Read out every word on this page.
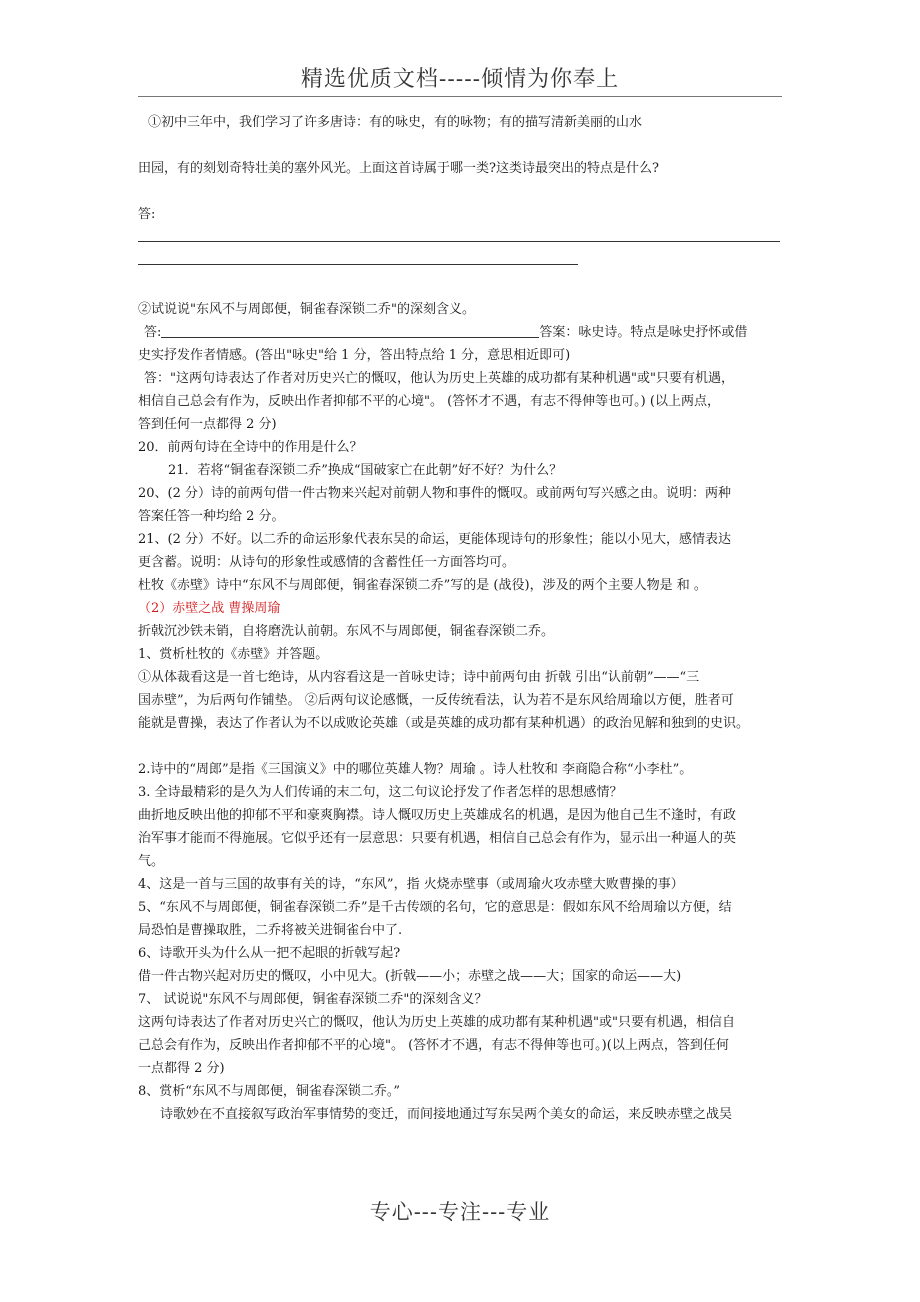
精选优质文档-----倾情为你奉上
①初中三年中，我们学习了许多唐诗：有的咏史，有的咏物；有的描写清新美丽的山水
田园，有的刻划奇特壮美的塞外风光。上面这首诗属于哪一类?这类诗最突出的特点是什么?
答:
②试说说"东风不与周郎便，铜雀春深锁二乔"的深刻含义。
答:	答案：咏史诗。特点是咏史抒怀或借
史实抒发作者情感。(答出"咏史"给 1 分，答出特点给 1 分，意思相近即可)
答："这两句诗表达了作者对历史兴亡的慨叹，他认为历史上英雄的成功都有某种机遇"或"只要有机遇，
相信自己总会有作为，反映出作者抑郁不平的心境"。 (答怀才不遇，有志不得伸等也可。) (以上两点，
答到任何一点都得 2 分)
20．前两句诗在全诗中的作用是什么？
21．若将“铜雀春深锁二乔”换成“国破家亡在此朝”好不好？为什么？
20、(2 分）诗的前两句借一件古物来兴起对前朝人物和事件的慨叹。或前两句写兴感之由。说明：两种
答案任答一种均给 2 分。
21、(2 分）不好。以二乔的命运形象代表东吴的命运，更能体现诗句的形象性；能以小见大，感情表达
更含蓄。说明：从诗句的形象性或感情的含蓄性任一方面答均可。
杜牧《赤壁》诗中“东风不与周郎便，铜雀春深锁二乔”写的是 (战役)，涉及的两个主要人物是 和 。
（2）赤壁之战 曹操周瑜
折戟沉沙铁未销，自将磨洗认前朝。东风不与周郎便，铜雀春深锁二乔。
1、赏析杜牧的《赤壁》并答题。
①从体裁看这是一首七绝诗，从内容看这是一首咏史诗；诗中前两句由 折戟 引出“认前朝”——“三
国赤壁”，为后两句作铺垫。 ②后两句议论感慨，一反传统看法，认为若不是东风给周瑜以方便，胜者可
能就是曹操，表达了作者认为不以成败论英雄（或是英雄的成功都有某种机遇）的政治见解和独到的史识。
2.诗中的“周郎”是指《三国演义》中的哪位英雄人物？周瑜 。诗人杜牧和 李商隐合称“小李杜”。
3. 全诗最精彩的是久为人们传诵的末二句，这二句议论抒发了作者怎样的思想感情？
曲折地反映出他的抑郁不平和豪爽胸襟。诗人慨叹历史上英雄成名的机遇，是因为他自己生不逢时，有政
治军事才能而不得施展。它似乎还有一层意思：只要有机遇，相信自己总会有作为，显示出一种逼人的英
气。
4、这是一首与三国的故事有关的诗，“东风”，指 火烧赤壁事（或周瑜火攻赤壁大败曹操的事）
5、“东风不与周郎便，铜雀春深锁二乔”是千古传颂的名句，它的意思是：假如东风不给周瑜以方便，结
局恐怕是曹操取胜，二乔将被关进铜雀台中了.
6、诗歌开头为什么从一把不起眼的折戟写起?
借一件古物兴起对历史的慨叹，小中见大。(折戟——小；赤壁之战——大；国家的命运——大)
7、 试说说"东风不与周郎便，铜雀春深锁二乔"的深刻含义？
这两句诗表达了作者对历史兴亡的慨叹，他认为历史上英雄的成功都有某种机遇"或"只要有机遇，相信自
己总会有作为，反映出作者抑郁不平的心境"。 (答怀才不遇，有志不得伸等也可。)(以上两点，答到任何
一点都得 2 分)
8、赏析“东风不与周郎便，铜雀春深锁二乔。”
诗歌妙在不直接叙写政治军事情势的变迁，而间接地通过写东吴两个美女的命运，来反映赤壁之战吴
专心---专注---专业
